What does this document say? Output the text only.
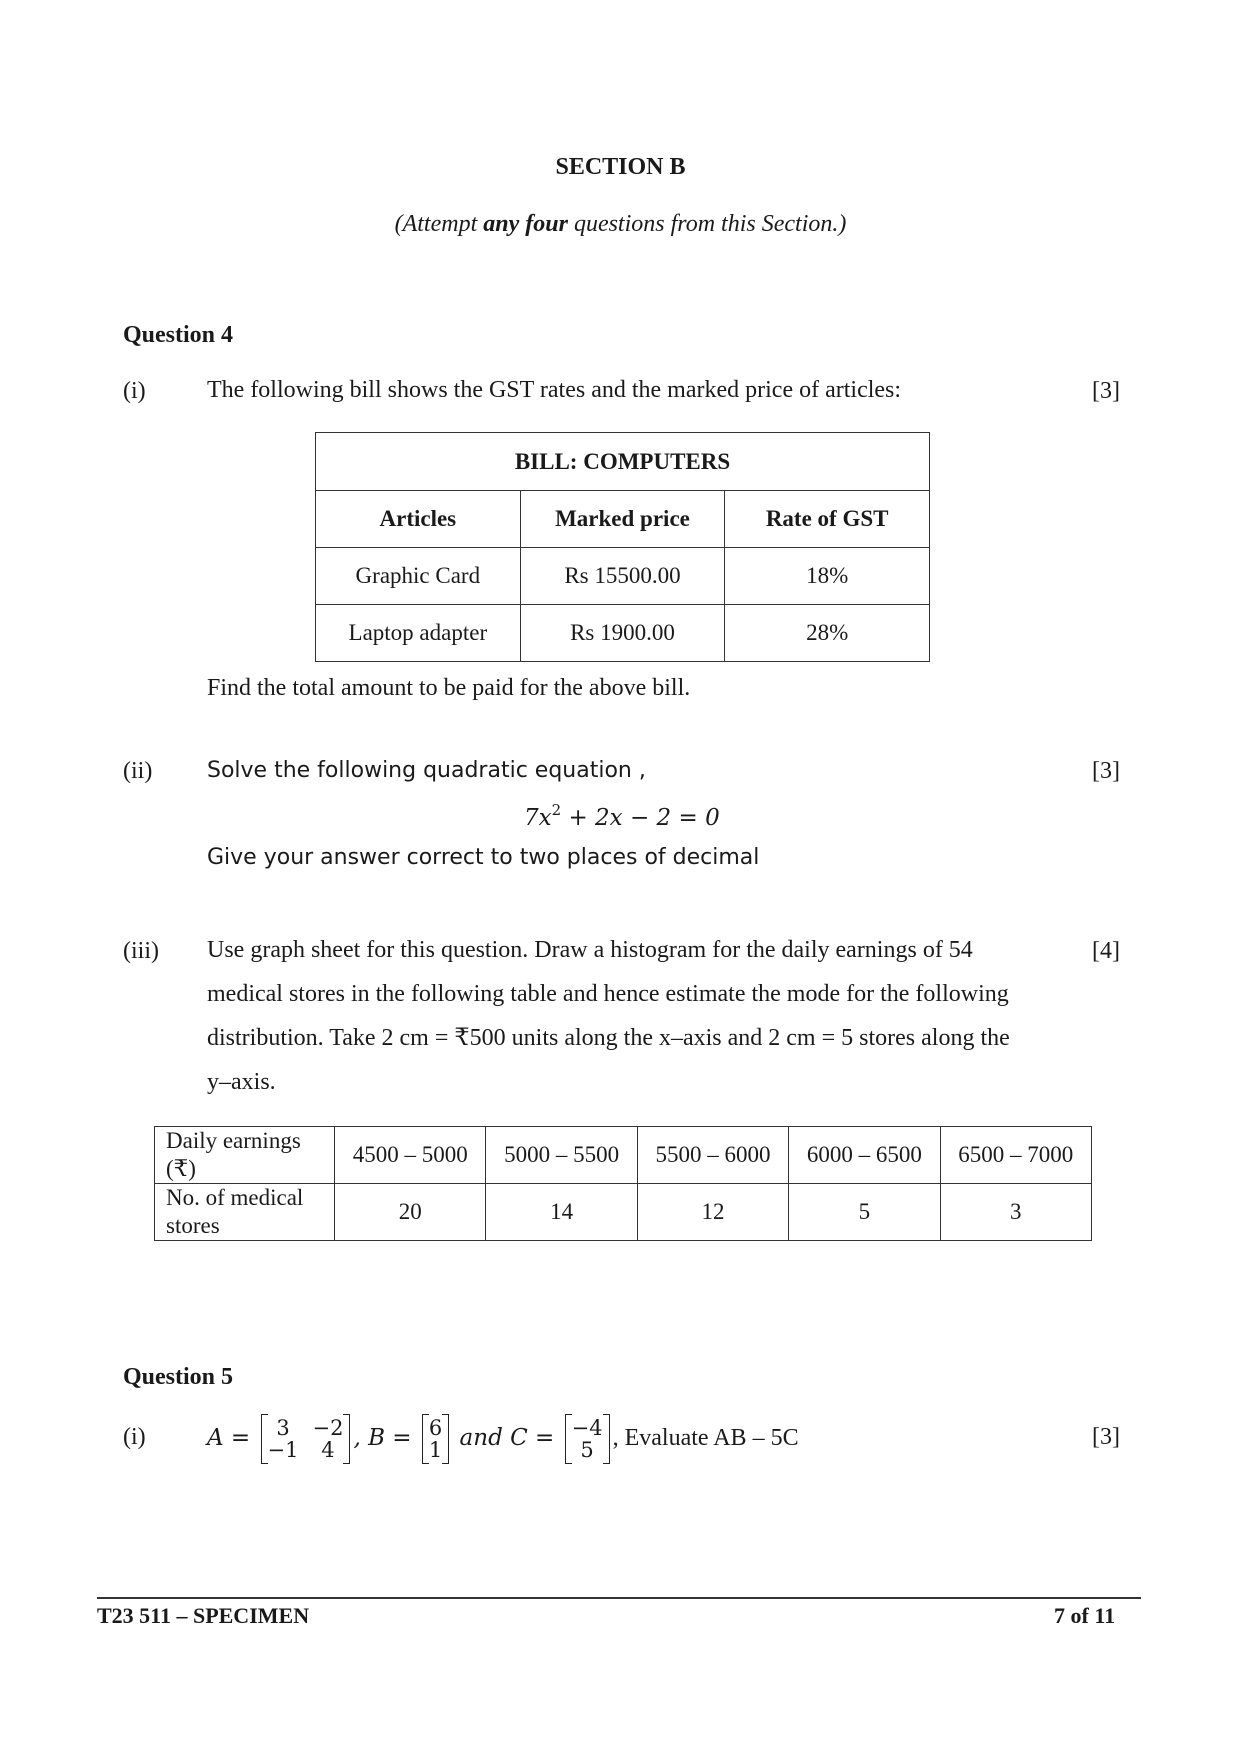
SECTION B
(Attempt any four questions from this Section.)
Question 4
(i)	The following bill shows the GST rates and the marked price of articles:	[3]
BILL: COMPUTERS		
Articles	Marked price	Rate of GST
Graphic Card	Rs 15500.00	18%
Laptop adapter	Rs 1900.00	28%
Find the total amount to be paid for the above bill.
(ii) Solve the following quadratic equation ,	[3]
$7x^2 + 2x - 2 = 0$
Give your answer correct to two places of decimal
(iii)	[4]
Use graph sheet for this question. Draw a histogram for the daily earnings of 54
medical stores in the following table and hence estimate the mode for the following
distribution. Take 2 cm = ₹500 units along the x–axis and 2 cm = 5 stores along the
y–axis.
Daily earnings (₹)	4500 – 5000	5000 – 5500	5500 – 6000	6000 – 6500	6500 – 7000
No. of medical stores	20	14	12	5	3
Question 5
(i)	[3]
A = 3	−2
−1	4 , B = 6
1 and C = −4
5 , Evaluate AB – 5C
T23 511 – SPECIMEN	7 of 11
